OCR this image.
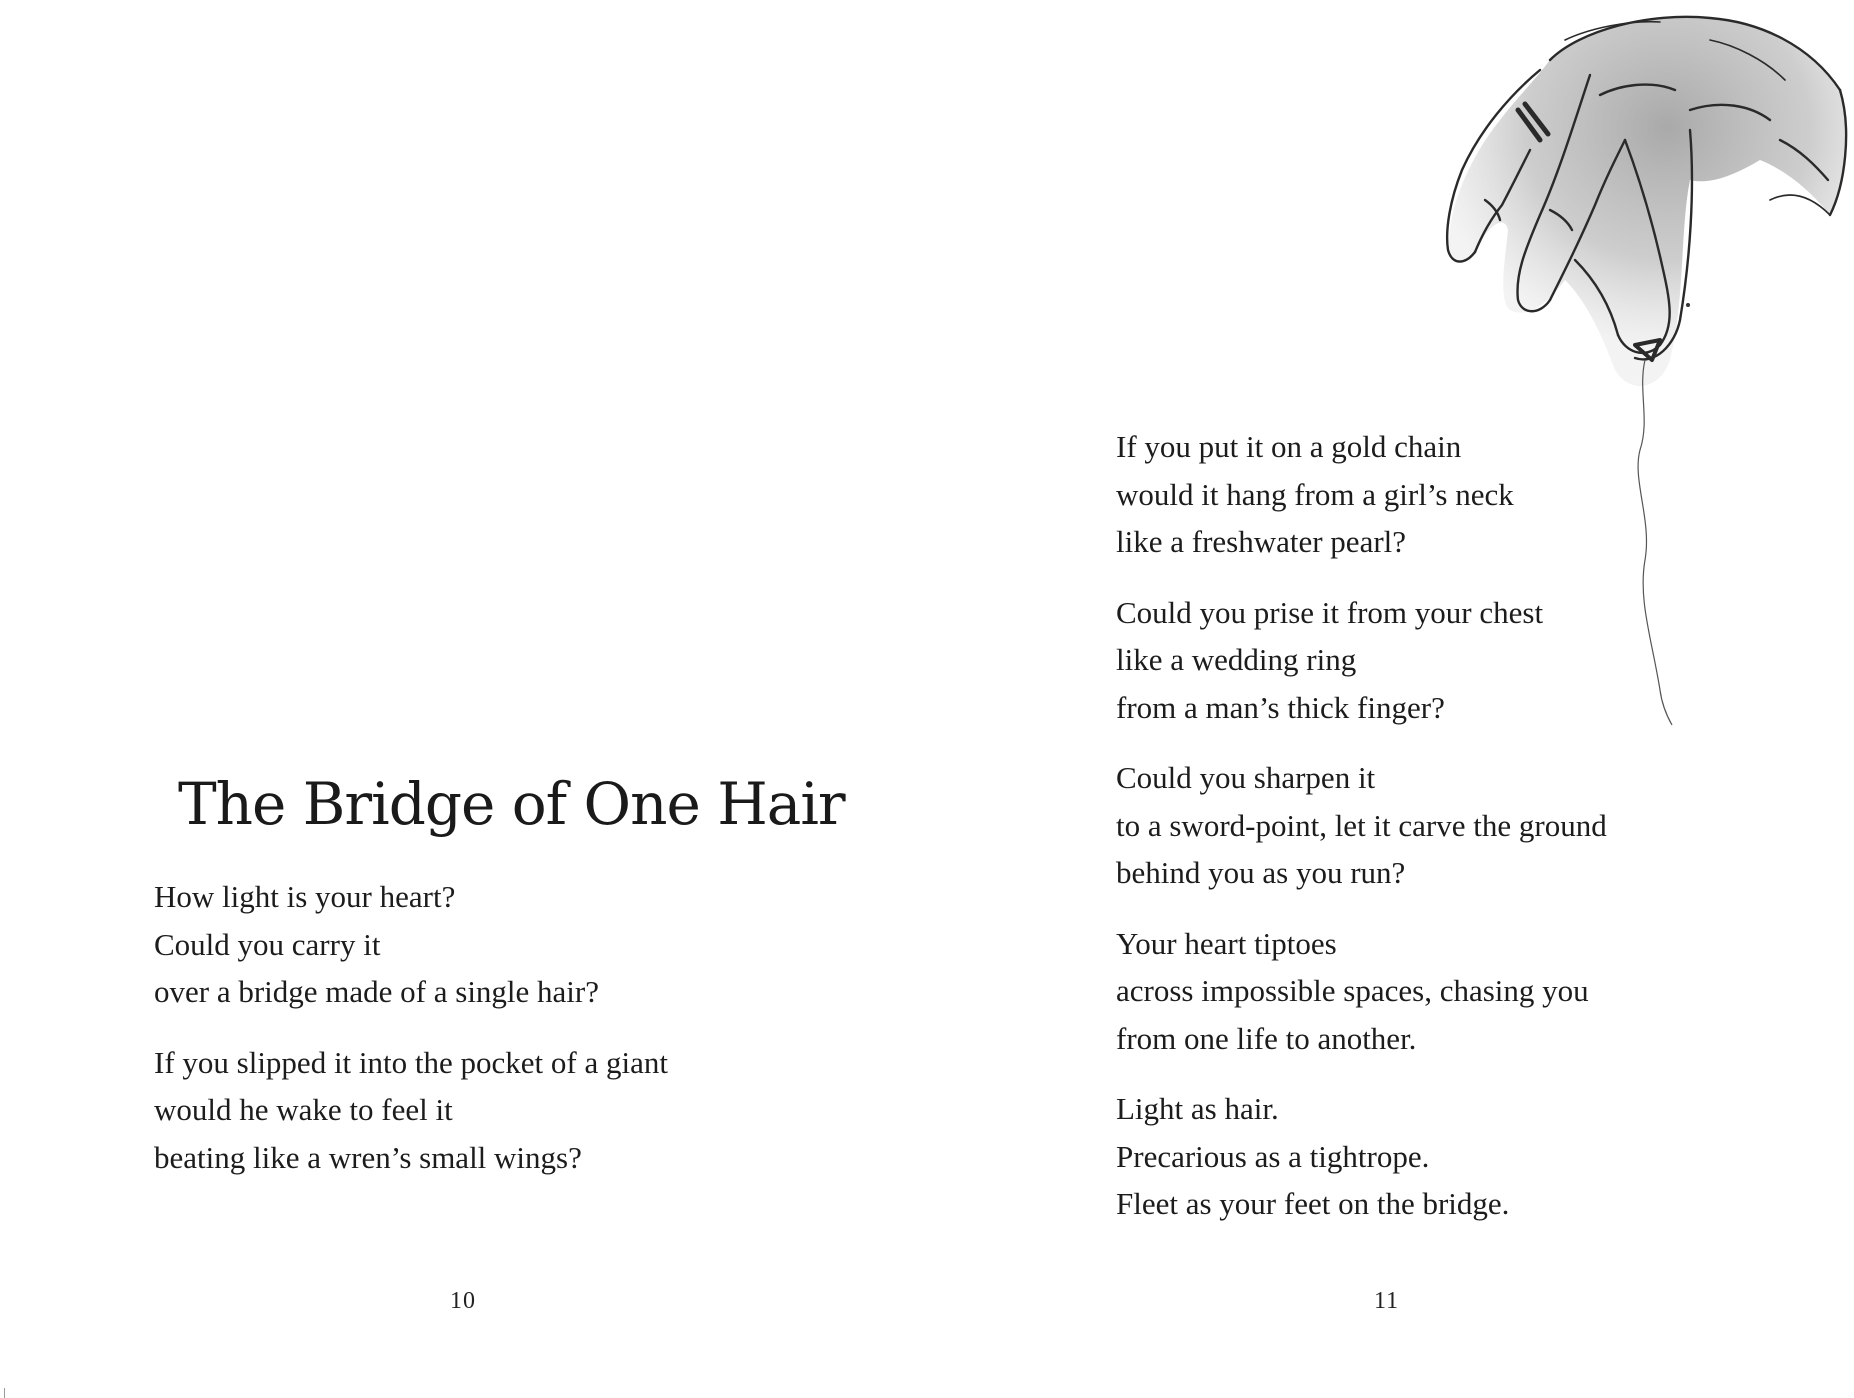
The Bridge of One Hair

How light is your heart?
Could you carry it
over a bridge made of a single hair?

If you slipped it into the pocket of a giant
would he wake to feel it
beating like a wren’s small wings?

10

If you put it on a gold chain
would it hang from a girl’s neck
like a freshwater pearl?

Could you prise it from your chest
like a wedding ring
from a man’s thick finger?

Could you sharpen it
to a sword-point, let it carve the ground
behind you as you run?

Your heart tiptoes
across impossible spaces, chasing you
from one life to another.

Light as hair.
Precarious as a tightrope.
Fleet as your feet on the bridge.

11
